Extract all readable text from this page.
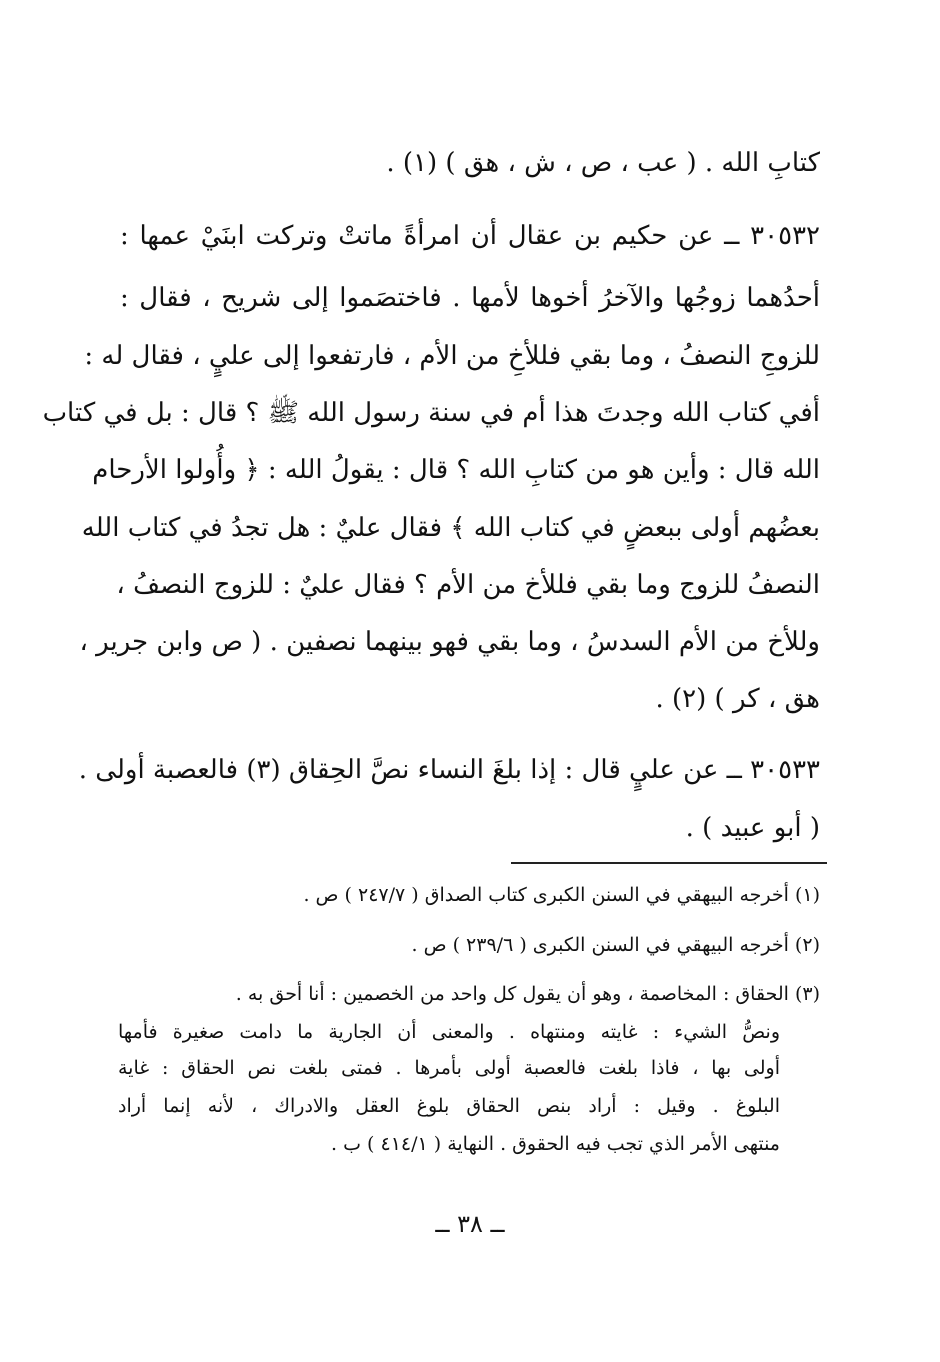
كتابِ الله . ( عب ، ص ، ش ، هق ) (١) .
٣٠٥٣٢ ــ عن حكيم بن عقال أن امرأةً ماتتْ وتركت ابنَيْ عمها :
أحدُهما زوجُها والآخرُ أخوها لأمها . فاختصَموا إلى شريح ، فقال :
للزوجِ النصفُ ، وما بقي فللأخِ من الأم ، فارتفعوا إلى عليٍ ، فقال له :
أفي كتاب الله وجدتَ هذا أم في سنة رسول الله ﷺ ؟ قال : بل في كتاب
الله قال : وأين هو من كتابِ الله ؟ قال : يقولُ الله : ﴿ وأُولوا الأرحام
بعضُهم أولى ببعضٍ في كتاب الله ﴾ فقال عليٌ : هل تجدُ في كتاب الله
النصفُ للزوج وما بقي فللأخ من الأم ؟ فقال عليٌ : للزوج النصفُ ،
وللأخ من الأم السدسُ ، وما بقي فهو بينهما نصفين . ( ص وابن جرير ،
هق ، كر ) (٢) .
٣٠٥٣٣ ــ عن عليٍ قال : إذا بلغَ النساء نصَّ الحِقاق (٣) فالعصبة أولى .
( أبو عبيد ) .
(١) أخرجه البيهقي في السنن الكبرى كتاب الصداق ( ٢٤٧/٧ ) ص .
(٢) أخرجه البيهقي في السنن الكبرى ( ٢٣٩/٦ ) ص .
(٣) الحقاق : المخاصمة ، وهو أن يقول كل واحد من الخصمين : أنا أحق به .
ونصُّ الشيء : غايته ومنتهاه . والمعنى أن الجارية ما دامت صغيرة فأمها
أولى بها ، فاذا بلغت فالعصبة أولى بأمرها . فمتى بلغت نص الحقاق : غاية
البلوغ . وقيل : أراد بنص الحقاق بلوغ العقل والادراك ، لأنه إنما أراد
منتهى الأمر الذي تجب فيه الحقوق . النهاية ( ٤١٤/١ ) ب .
ــ ٣٨ ــ
